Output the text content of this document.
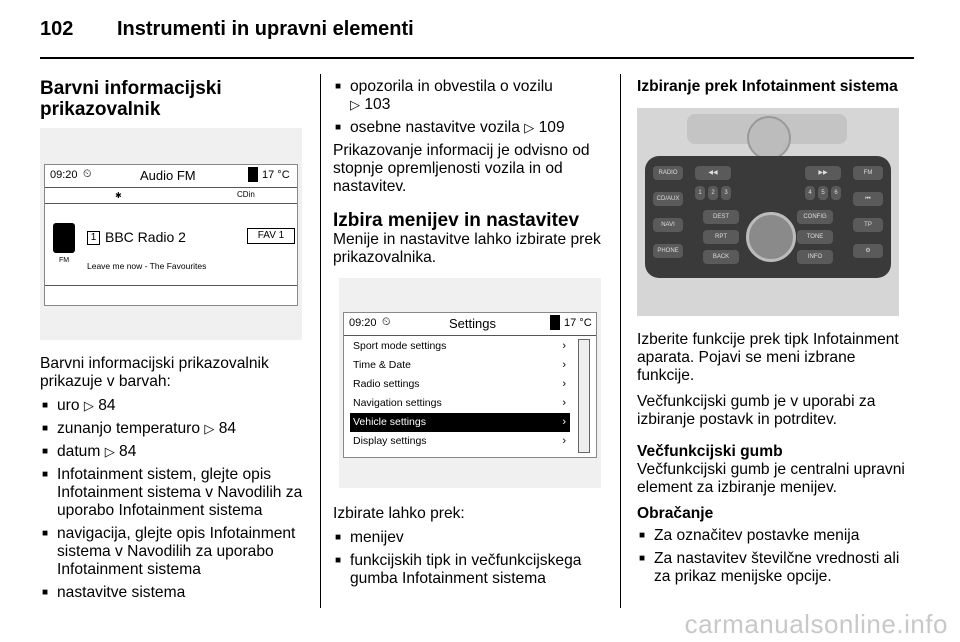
102 Instrumenti in upravni elementi
Barvni informacijski
prikazovalnik
09:20 ⏲	Audio FM	17 °C
✱	CDin
1 BBC Radio 2	FAV 1
FM
Leave me now - The Favourites

Barvni informacijski prikazovalnik prikazuje v barvah:

■ uro ▷ 84
■ zunanjo temperaturo ▷ 84
■ datum ▷ 84
■ Infotainment sistem, glejte opis Infotainment sistema v Navodilih za uporabo Infotainment sistema
■ navigacija, glejte opis Infotainment sistema v Navodilih za uporabo Infotainment sistema
■ nastavitve sistema
■ opozorila in obvestila o vozilu
▷ 103
■ osebne nastavitve vozila ▷ 109

Prikazovanje informacij je odvisno od stopnje opremljenosti vozila in od nastavitev.

Izbira menijev in nastavitev

Menije in nastavitve lahko izbirate prek prikazovalnika.

09:20 ⏲	Settings	17 °C
Sport mode settings	›
Time & Date	›
Radio settings	›
Navigation settings	›
Vehicle settings	›
Display settings	›

Izbirate lahko prek:

■ menijev
■ funkcijskih tipk in večfunkcijskega gumba Infotainment sistema
Izbiranje prek Infotainment sistema
RADIO
CD/AUX
NAVI
PHONE
FM
⏮
TP
⚙
◀◀	▶▶
1	2	3	4	5	6
DEST	CONFIG
RPT	TONE
BACK	INFO

Izberite funkcije prek tipk Infotainment aparata. Pojavi se meni izbrane funkcije.

Večfunkcijski gumb je v uporabi za izbiranje postavk in potrditev.

Večfunkcijski gumb

Večfunkcijski gumb je centralni upravni element za izbiranje menijev.

Obračanje
■ Za označitev postavke menija
■ Za nastavitev številčne vrednosti ali za prikaz menijske opcije.
carmanualsonline.info
